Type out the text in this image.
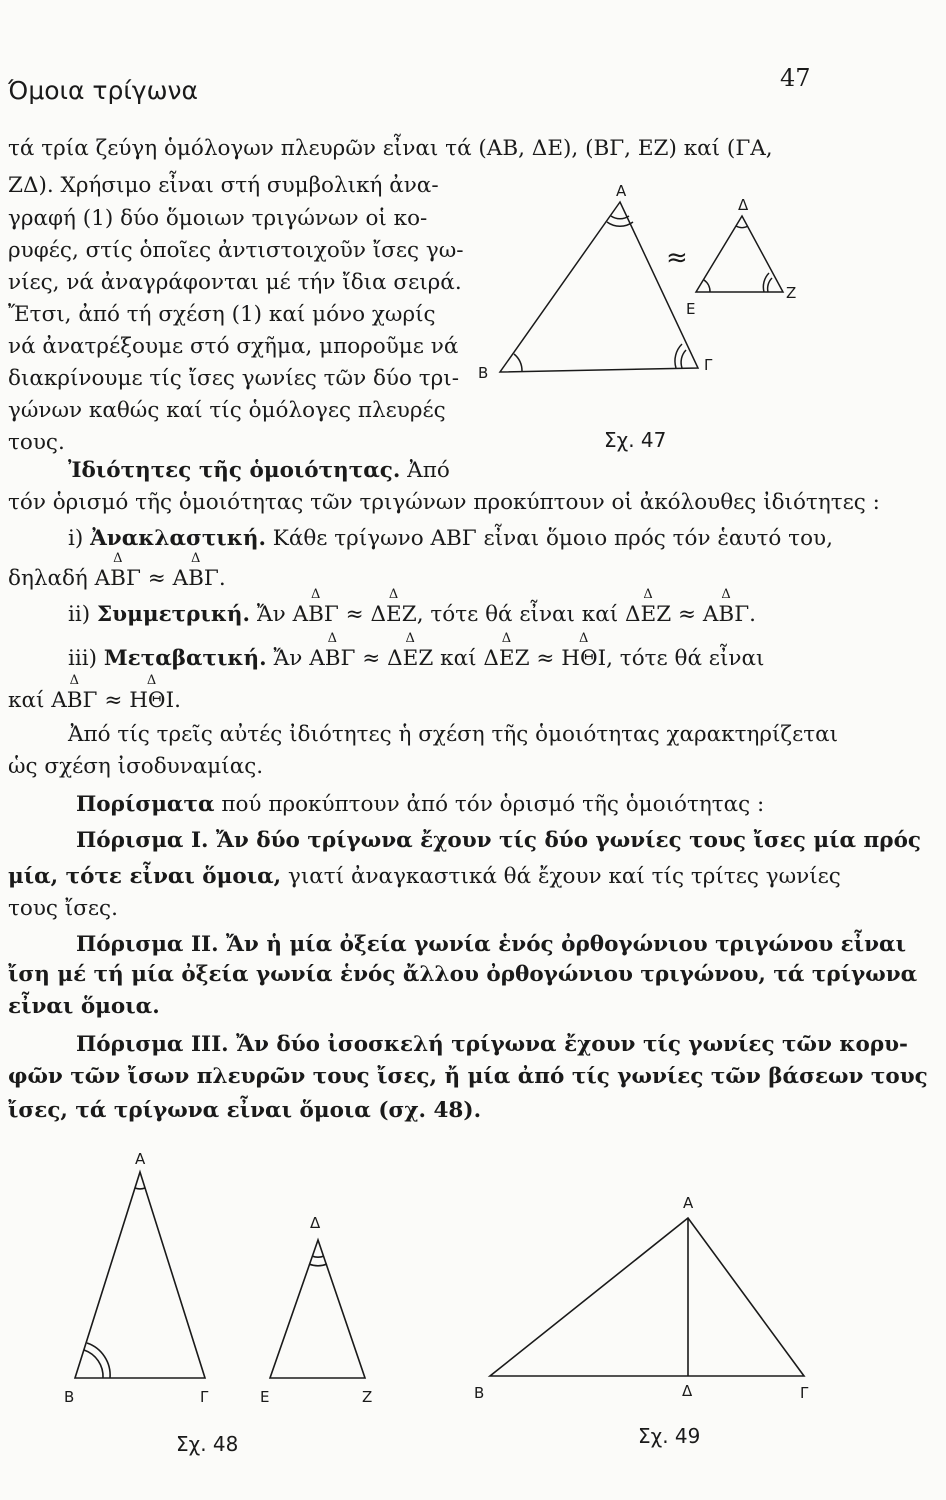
Όμοια τρίγωνα	47
τά τρία ζεύγη ὁμόλογων πλευρῶν εἶναι τά (ΑΒ, ΔΕ), (ΒΓ, ΕΖ) καί (ΓΑ,
ΖΔ). Χρήσιμο εἶναι στή συμβολική ἀνα-
γραφή (1) δύο ὅμοιων τριγώνων οἱ κο-
ρυφές, στίς ὁποῖες ἀντιστοιχοῦν ἴσες γω-
νίες, νά ἀναγράφονται μέ τήν ἴδια σειρά.
Ἔτσι, ἀπό τή σχέση (1) καί μόνο χωρίς
νά ἀνατρέξουμε στό σχῆμα, μποροῦμε νά
διακρίνουμε τίς ἴσες γωνίες τῶν δύο τρι-
γώνων καθώς καί τίς ὁμόλογες πλευρές
τους.
Α
Β	Γ
Δ
Ε
Ζ
≈
Σχ. 47
Ἰδιότητες τῆς ὁμοιότητας. Ἀπό
τόν ὁρισμό τῆς ὁμοιότητας τῶν τριγώνων προκύπτουν οἱ ἀκόλουθες ἰδιότητες :
i) Ἀνακλαστική. Κάθε τρίγωνο ΑΒΓ εἶναι ὅμοιο πρός τόν ἑαυτό του,
δηλαδή
Δ
ΑΒΓ ≈
Δ
ΑΒΓ.
ii) Συμμετρική. Ἄν
Δ
ΑΒΓ ≈
Δ
ΔΕΖ, τότε θά εἶναι καί
Δ
ΔΕΖ ≈
Δ
ΑΒΓ.
iii) Μεταβατική. Ἄν
Δ
ΑΒΓ ≈
Δ
ΔΕΖ καί
Δ
ΔΕΖ ≈
Δ
ΗΘΙ, τότε θά εἶναι
καί
Δ
ΑΒΓ ≈
Δ
ΗΘΙ.
Ἀπό τίς τρεῖς αὐτές ἰδιότητες ἡ σχέση τῆς ὁμοιότητας χαρακτηρίζεται
ὡς σχέση ἰσοδυναμίας.
Πορίσματα πού προκύπτουν ἀπό τόν ὁρισμό τῆς ὁμοιότητας :
Πόρισμα Ι. Ἄν δύο τρίγωνα ἔχουν τίς δύο γωνίες τους ἴσες μία πρός
μία, τότε εἶναι ὅμοια, γιατί ἀναγκαστικά θά ἔχουν καί τίς τρίτες γωνίες
τους ἴσες.
Πόρισμα ΙΙ. Ἄν ἡ μία ὀξεία γωνία ἑνός ὀρθογώνιου τριγώνου εἶναι
ἴση μέ τή μία ὀξεία γωνία ἑνός ἄλλου ὀρθογώνιου τριγώνου, τά τρίγωνα
εἶναι ὅμοια.
Πόρισμα ΙΙΙ. Ἄν δύο ἰσοσκελή τρίγωνα ἔχουν τίς γωνίες τῶν κορυ-
φῶν τῶν ἴσων πλευρῶν τους ἴσες, ἤ μία ἀπό τίς γωνίες τῶν βάσεων τους
ἴσες, τά τρίγωνα εἶναι ὅμοια (σχ. 48).
Α
Β	Γ
Δ
Ε	Ζ
Σχ. 48
Α
Β	Γ
Δ
Σχ. 49
